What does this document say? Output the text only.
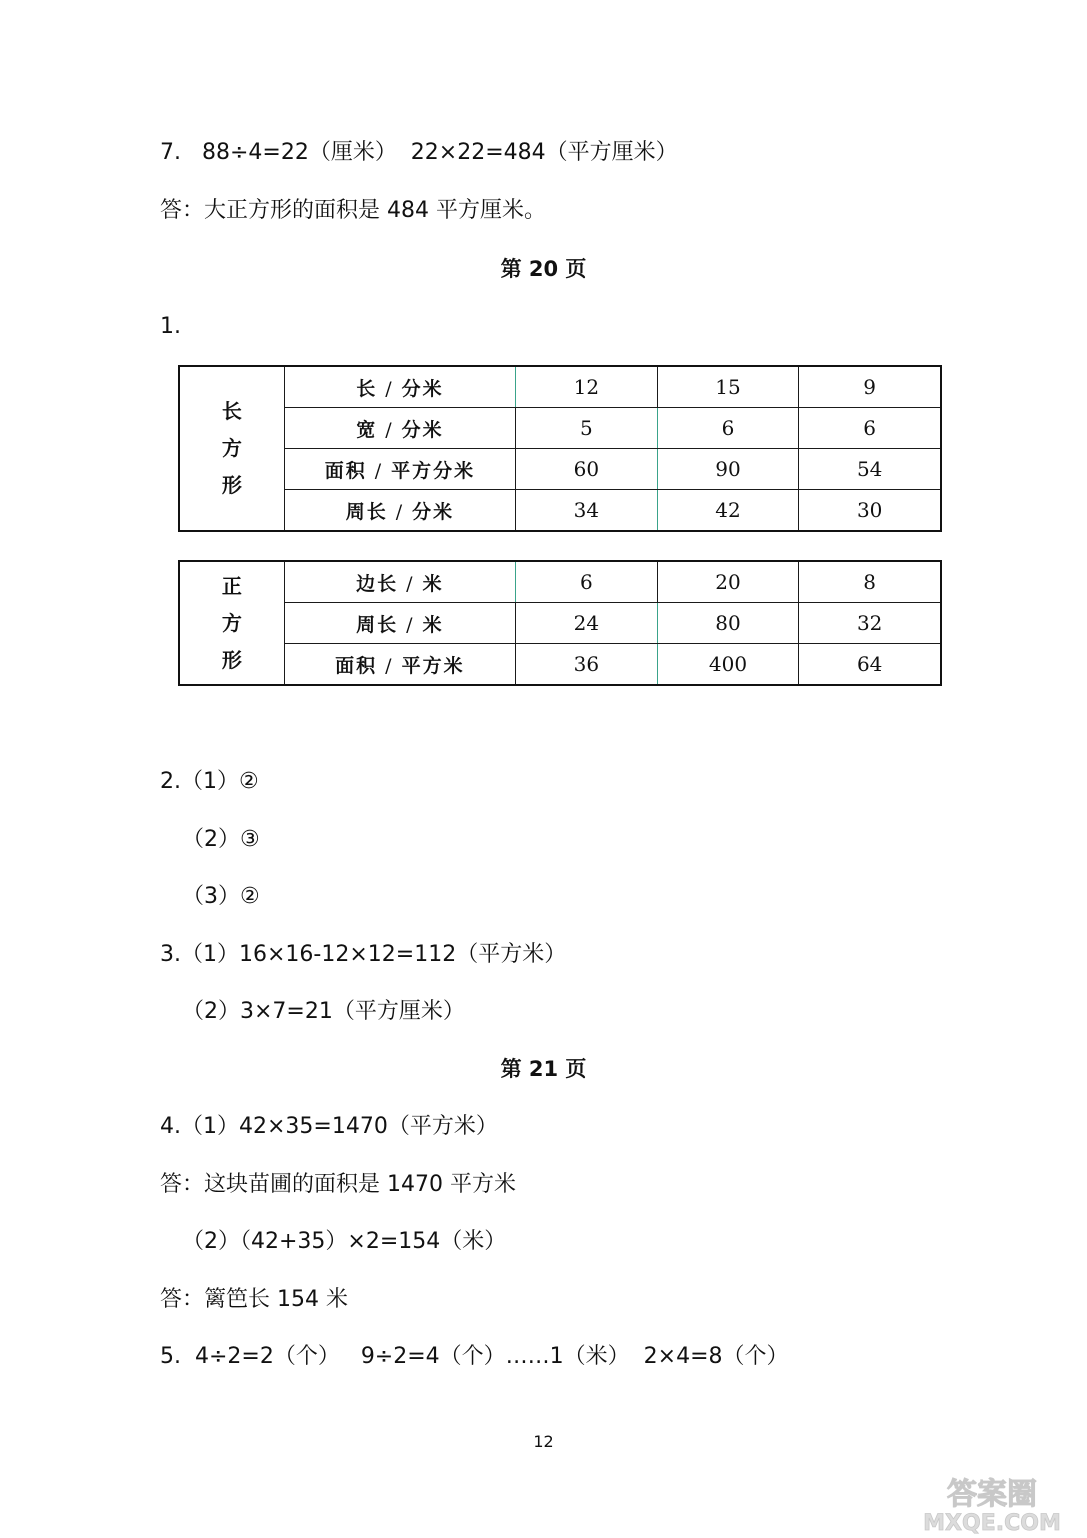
7.   88÷4=22（厘米）  22×22=484（平方厘米）
答：大正方形的面积是 484 平方厘米。
第 20 页
1.
长
方
形	长 / 分米	12	15	9
	宽 / 分米	5	6	6
	面积 / 平方分米	60	90	54
	周长 / 分米	34	42	30
正
方
形	边长 / 米	6	20	8
	周长 / 米	24	80	32
	面积 / 平方米	36	400	64
2.（1）②
（2）③
（3）②
3.（1）16×16-12×12=112（平方米）
（2）3×7=21（平方厘米）
第 21 页
4.（1）42×35=1470（平方米）
答：这块苗圃的面积是 1470 平方米
（2）（42+35）×2=154（米）
答：篱笆长 154 米
5.  4÷2=2（个）   9÷2=4（个）……1（米）  2×4=8（个）
12
答案圈
MXQE.COM
